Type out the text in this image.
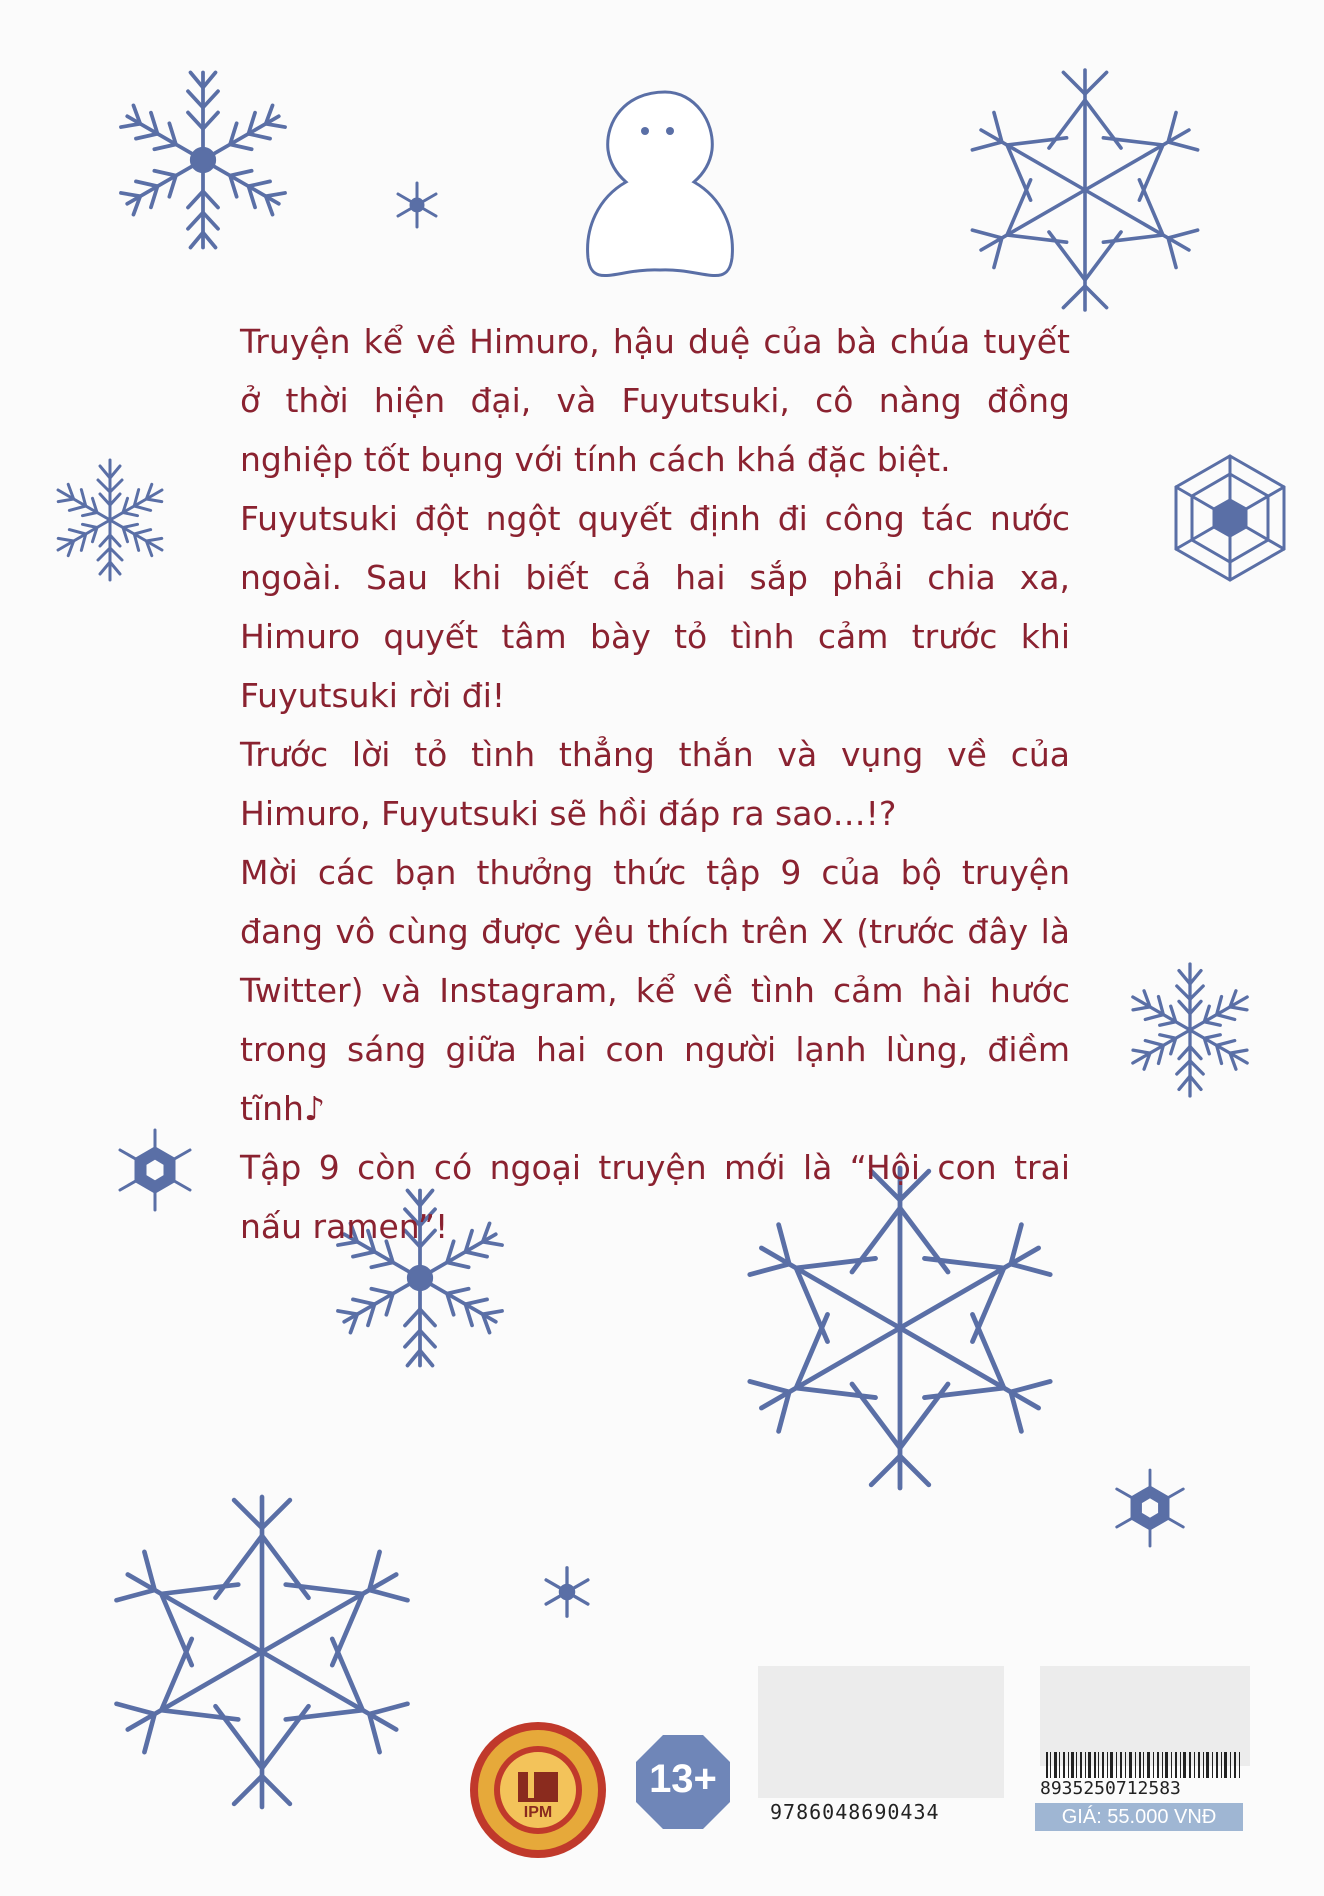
Truyện kể về Himuro, hậu duệ của bà chúa tuyết ở thời hiện đại, và Fuyutsuki, cô nàng đồng nghiệp tốt bụng với tính cách khá đặc biệt.

Fuyutsuki đột ngột quyết định đi công tác nước ngoài. Sau khi biết cả hai sắp phải chia xa, Himuro quyết tâm bày tỏ tình cảm trước khi Fuyutsuki rời đi!

Trước lời tỏ tình thẳng thắn và vụng về của Himuro, Fuyutsuki sẽ hồi đáp ra sao…!?

Mời các bạn thưởng thức tập 9 của bộ truyện đang vô cùng được yêu thích trên X (trước đây là Twitter) và Instagram, kể về tình cảm hài hước trong sáng giữa hai con người lạnh lùng, điềm tĩnh♪

Tập 9 còn có ngoại truyện mới là “Hội con trai nấu ramen”!

IPM
13+
9786048690434
8935250712583
GIÁ: 55.000 VNĐ
